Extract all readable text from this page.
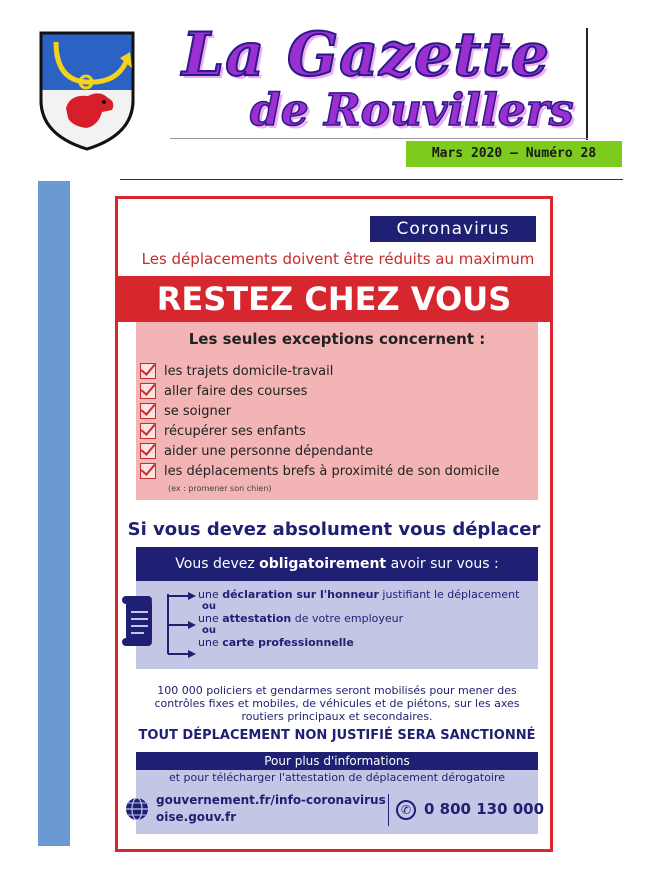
La Gazette
de Rouvillers
Mars 2020 – Numéro 28
Coronavirus
Les déplacements doivent être réduits au maximum
RESTEZ CHEZ VOUS
Les seules exceptions concernent :
les trajets domicile-travail
aller faire des courses
se soigner
récupérer ses enfants
aider une personne dépendante
les déplacements brefs à proximité de son domicile
(ex : promener son chien)
Si vous devez absolument vous déplacer
Vous devez obligatoirement avoir sur vous :
une déclaration sur l'honneur justifiant le déplacement
ou
une attestation de votre employeur
ou
une carte professionnelle
100 000 policiers et gendarmes seront mobilisés pour mener des contrôles fixes et mobiles, de véhicules et de piétons, sur les axes routiers principaux et secondaires.
TOUT DÉPLACEMENT NON JUSTIFIÉ SERA SANCTIONNÉ
Pour plus d'informations
et pour télécharger l'attestation de déplacement dérogatoire
gouvernement.fr/info-coronavirus
oise.gouv.fr	✆ 0 800 130 000
